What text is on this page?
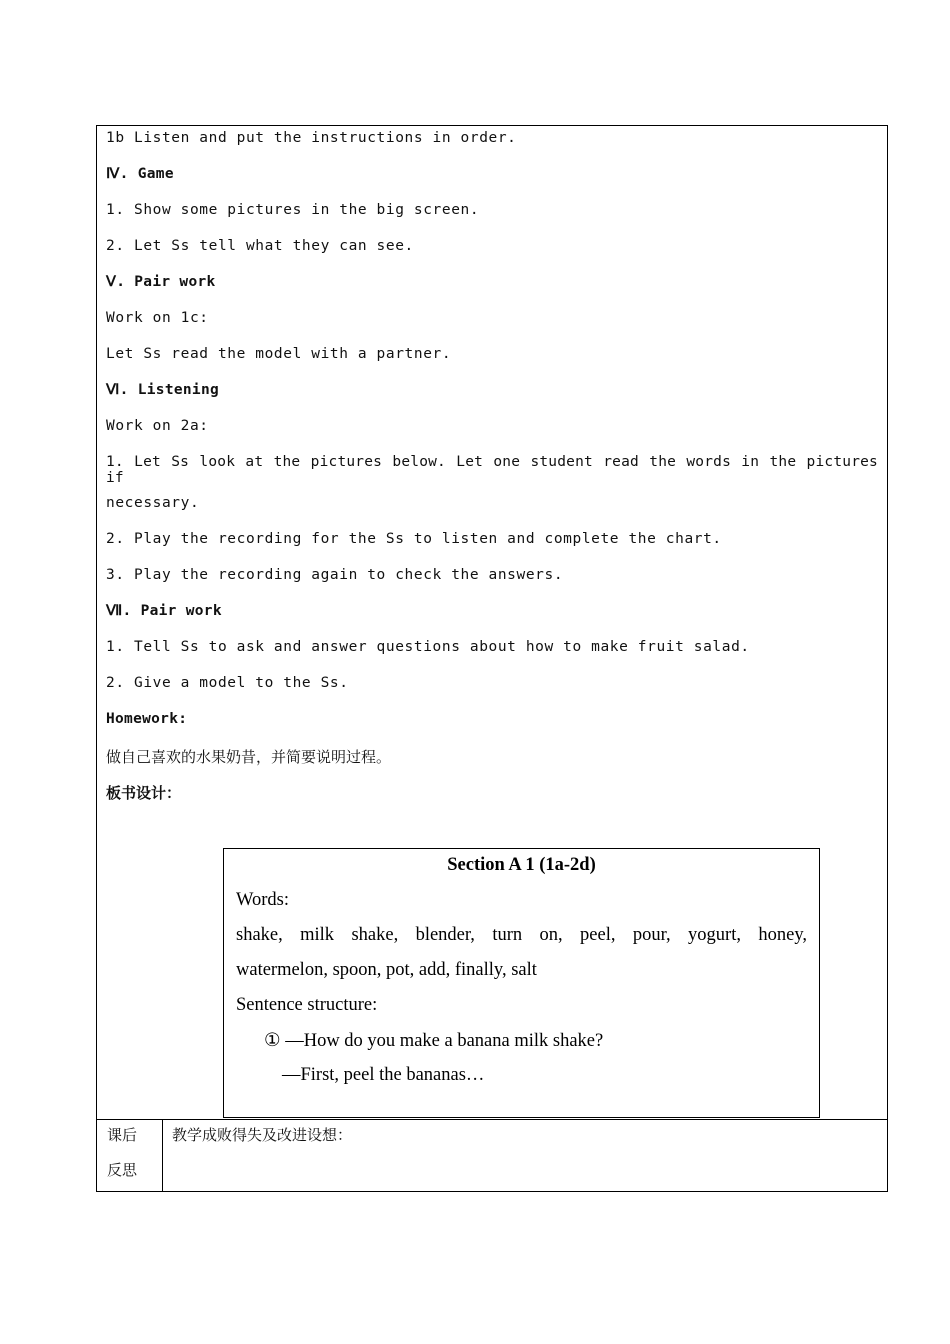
1b Listen and put the instructions in order.
Ⅳ. Game
1. Show some pictures in the big screen.
2. Let Ss tell what they can see.
Ⅴ. Pair work
Work on 1c:
Let Ss read the model with a partner.
Ⅵ. Listening
Work on 2a:
1. Let Ss look at the pictures below. Let one student read the words in the pictures if
necessary.
2. Play the recording for the Ss to listen and complete the chart.
3. Play the recording again to check the answers.
Ⅶ. Pair work
1. Tell Ss to ask and answer questions about how to make fruit salad.
2. Give a model to the Ss.
Homework:
做自己喜欢的水果奶昔，并简要说明过程。
板书设计：
Section A 1 (1a-2d)
Words:
shake, milk shake, blender, turn on, peel, pour, yogurt, honey,
watermelon, spoon, pot, add, finally, salt
Sentence structure:
① —How do you make a banana milk shake?
—First, peel the bananas…
课后
反思
教学成败得失及改进设想：
